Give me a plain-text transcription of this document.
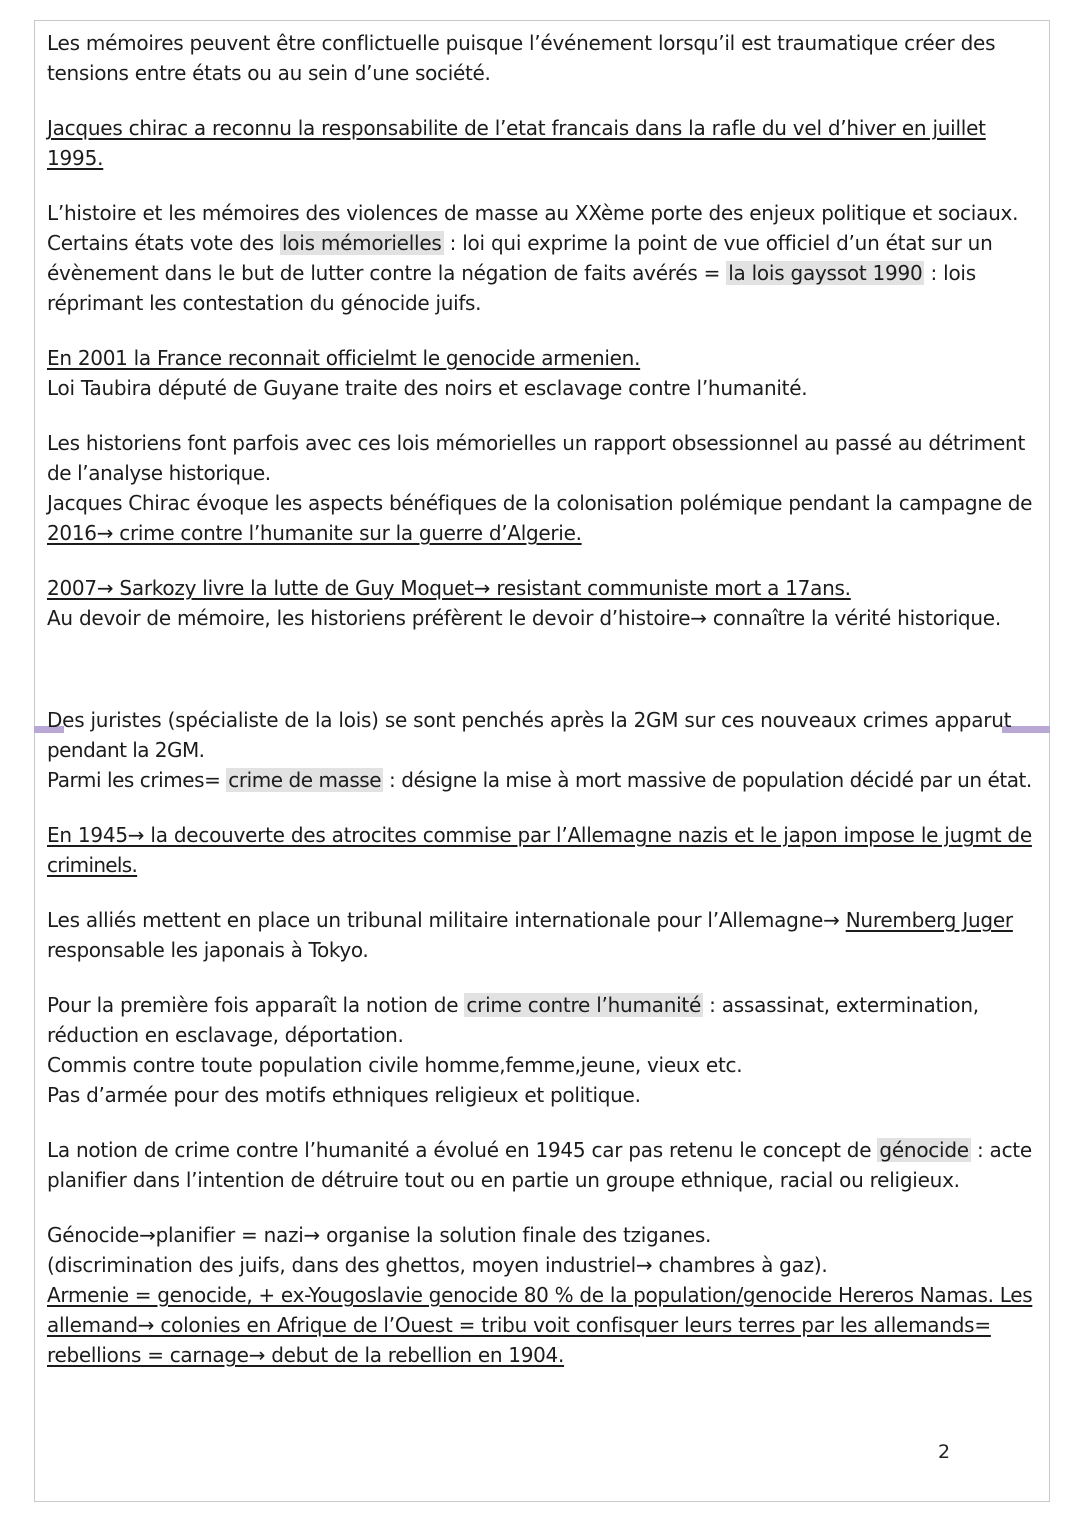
Les mémoires peuvent être conflictuelle puisque l’événement lorsqu’il est traumatique créer des
tensions entre états ou au sein d’une société.
Jacques chirac a reconnu la responsabilite de l’etat francais dans la rafle du vel d’hiver en juillet
1995.
L’histoire et les mémoires des violences de masse au XXème porte des enjeux politique et sociaux.
Certains états vote des lois mémorielles : loi qui exprime la point de vue officiel d’un état sur un
évènement dans le but de lutter contre la négation de faits avérés = la lois gayssot 1990 : lois
réprimant les contestation du génocide juifs.
En 2001 la France reconnait officielmt le genocide armenien.
Loi Taubira député de Guyane traite des noirs et esclavage contre l’humanité.
Les historiens font parfois avec ces lois mémorielles un rapport obsessionnel au passé au détriment
de l’analyse historique.
Jacques Chirac évoque les aspects bénéfiques de la colonisation polémique pendant la campagne de
2016→ crime contre l’humanite sur la guerre d’Algerie.
2007→ Sarkozy livre la lutte de Guy Moquet→ resistant communiste mort a 17ans.
Au devoir de mémoire, les historiens préfèrent le devoir d’histoire→ connaître la vérité historique.
Des juristes (spécialiste de la lois) se sont penchés après la 2GM sur ces nouveaux crimes apparut
pendant la 2GM.
Parmi les crimes= crime de masse : désigne la mise à mort massive de population décidé par un état.
En 1945→ la decouverte des atrocites commise par l’Allemagne nazis et le japon impose le jugmt de
criminels.
Les alliés mettent en place un tribunal militaire internationale pour l’Allemagne→ Nuremberg Juger
responsable les japonais à Tokyo.
Pour la première fois apparaît la notion de crime contre l’humanité : assassinat, extermination,
réduction en esclavage, déportation.
Commis contre toute population civile homme,femme,jeune, vieux etc.
Pas d’armée pour des motifs ethniques religieux et politique.
La notion de crime contre l’humanité a évolué en 1945 car pas retenu le concept de génocide : acte
planifier dans l’intention de détruire tout ou en partie un groupe ethnique, racial ou religieux.
Génocide→planifier = nazi→ organise la solution finale des tziganes.
(discrimination des juifs, dans des ghettos, moyen industriel→ chambres à gaz).
Armenie = genocide, + ex-Yougoslavie genocide 80 % de la population/genocide Hereros Namas. Les
allemand→ colonies en Afrique de l’Ouest = tribu voit confisquer leurs terres par les allemands=
rebellions = carnage→ debut de la rebellion en 1904.
2
